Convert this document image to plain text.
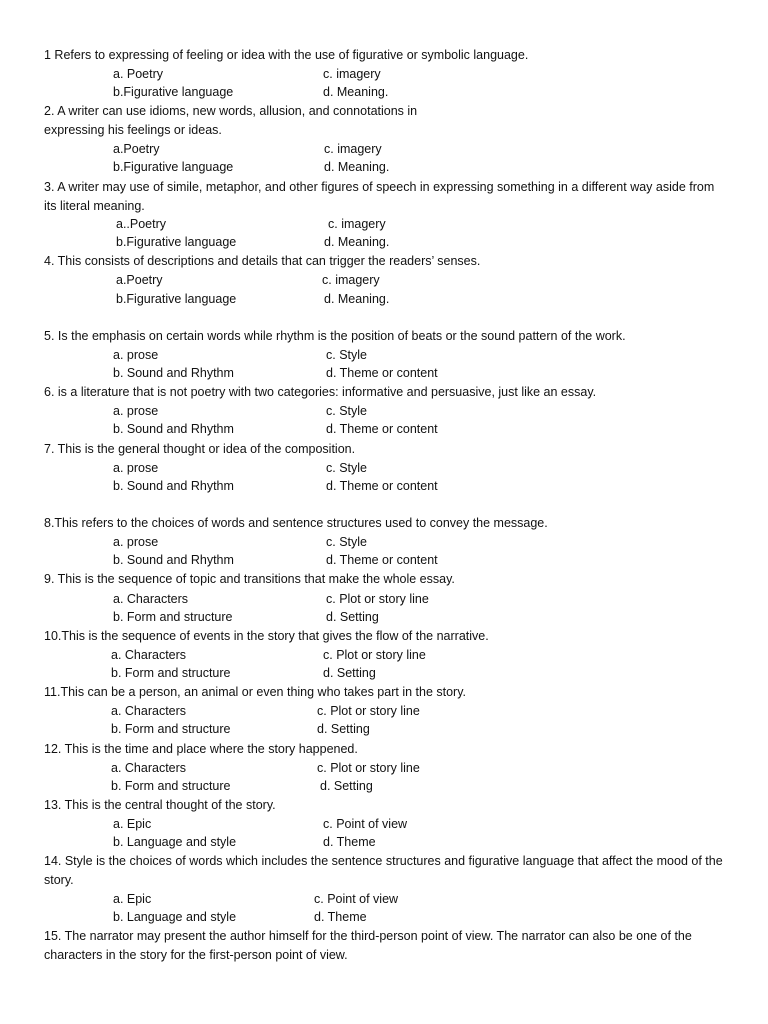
1 Refers to expressing of feeling or idea with the use of figurative or symbolic language.
a. Poetry	c. imagery
b.Figurative language	d. Meaning.
2. A writer can use idioms, new words, allusion, and connotations in expressing his feelings or ideas.
a.Poetry	c. imagery
b.Figurative language	d. Meaning.
3. A writer may use of simile, metaphor, and other figures of speech in expressing something in a different way aside from its literal meaning.
a..Poetry	c. imagery
b.Figurative language	d. Meaning.
4. This consists of descriptions and details that can trigger the readers’ senses.
a.Poetry	c. imagery
b.Figurative language	d. Meaning.
5. Is the emphasis on certain words while rhythm is the position of beats or the sound pattern of the work.
a. prose	c. Style
b. Sound and Rhythm	d. Theme or content
6. is a literature that is not poetry with two categories: informative and persuasive, just like an essay.
a. prose	c. Style
b. Sound and Rhythm	d. Theme or content
7. This is the general thought or idea of the composition.
a. prose	c. Style
b. Sound and Rhythm	d. Theme or content
8.This refers to the choices of words and sentence structures used to convey the message.
a. prose	c. Style
b. Sound and Rhythm	d. Theme or content
9. This is the sequence of topic and transitions that make the whole essay.
a. Characters	c. Plot or story line
b. Form and structure	d. Setting
10.This is the sequence of events in the story that gives the flow of the narrative.
a. Characters	c. Plot or story line
b. Form and structure	d. Setting
11.This can be a person, an animal or even thing who takes part in the story.
a. Characters	c. Plot or story line
b. Form and structure	d. Setting
12. This is the time and place where the story happened.
a. Characters	c. Plot or story line
b. Form and structure	d. Setting
13. This is the central thought of the story.
a. Epic	c. Point of view
b. Language and style	d. Theme
14. Style is the choices of words which includes the sentence structures and figurative language that affect the mood of the story.
a. Epic	c. Point of view
b. Language and style	d. Theme
15. The narrator may present the author himself for the third-person point of view. The narrator can also be one of the characters in the story for the first-person point of view.
